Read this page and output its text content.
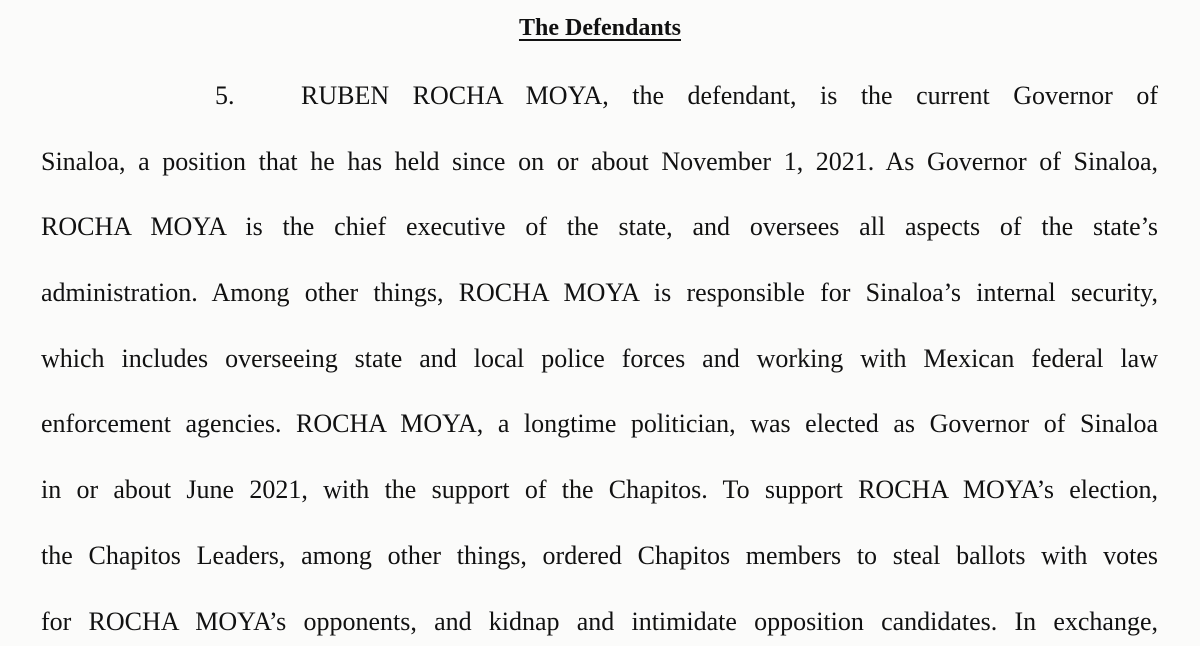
The Defendants
5.	RUBEN ROCHA MOYA, the defendant, is the current Governor of
Sinaloa, a position that he has held since on or about November 1, 2021. As Governor of Sinaloa,
ROCHA MOYA is the chief executive of the state, and oversees all aspects of the state’s
administration. Among other things, ROCHA MOYA is responsible for Sinaloa’s internal security,
which includes overseeing state and local police forces and working with Mexican federal law
enforcement agencies. ROCHA MOYA, a longtime politician, was elected as Governor of Sinaloa
in or about June 2021, with the support of the Chapitos. To support ROCHA MOYA’s election,
the Chapitos Leaders, among other things, ordered Chapitos members to steal ballots with votes
for ROCHA MOYA’s opponents, and kidnap and intimidate opposition candidates. In exchange,
